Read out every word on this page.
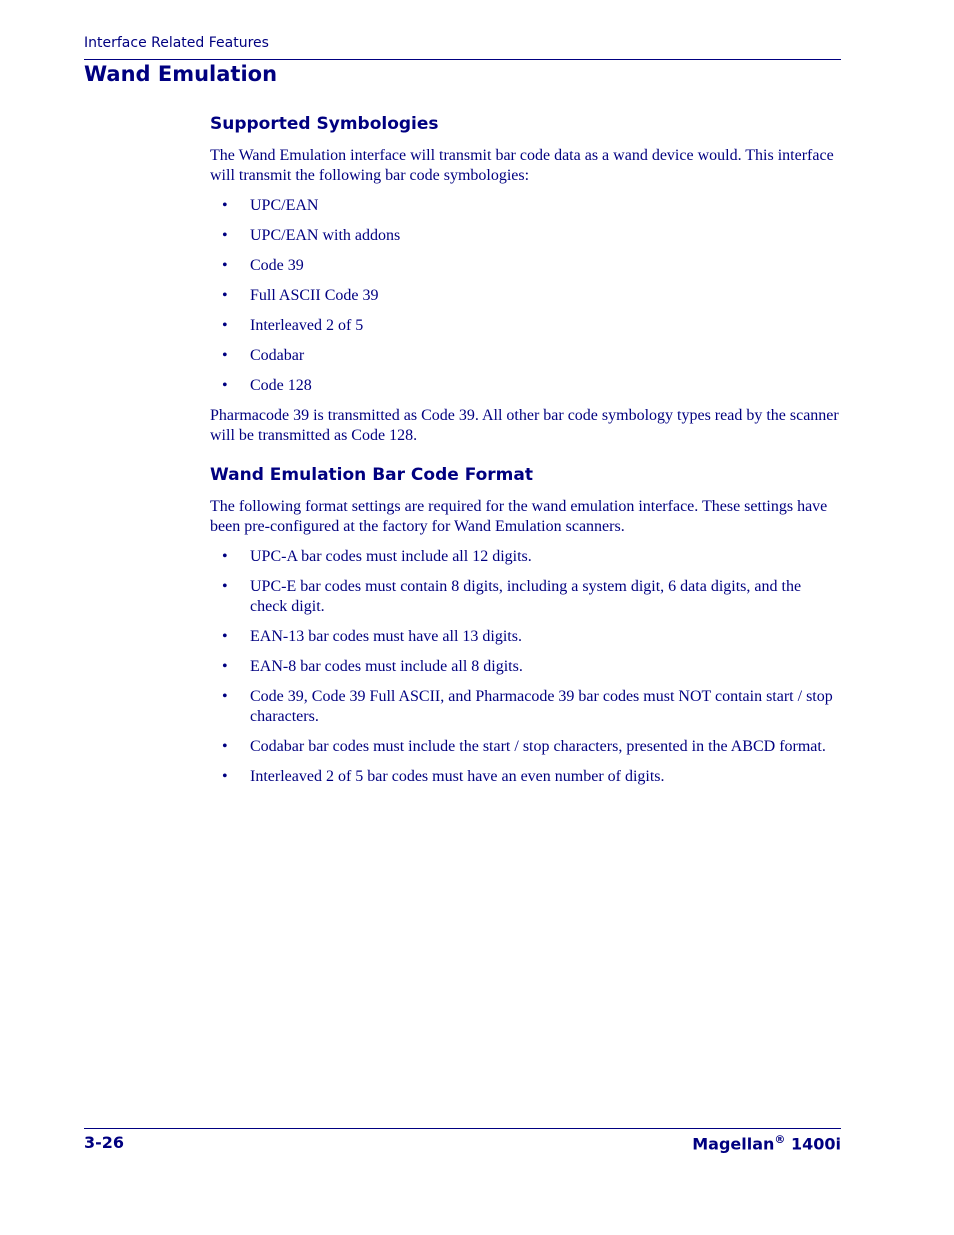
Interface Related Features
Wand Emulation
Supported Symbologies

The Wand Emulation interface will transmit bar code data as a wand device would. This interface will transmit the following bar code symbologies:

• UPC/EAN
• UPC/EAN with addons
• Code 39
• Full ASCII Code 39
• Interleaved 2 of 5
• Codabar
• Code 128

Pharmacode 39 is transmitted as Code 39. All other bar code symbology types read by the scanner will be transmitted as Code 128.

Wand Emulation Bar Code Format

The following format settings are required for the wand emulation interface. These settings have been pre-configured at the factory for Wand Emulation scanners.

• UPC-A bar codes must include all 12 digits.
• UPC-E bar codes must contain 8 digits, including a system digit, 6 data digits, and the check digit.
• EAN-13 bar codes must have all 13 digits.
• EAN-8 bar codes must include all 8 digits.
• Code 39, Code 39 Full ASCII, and Pharmacode 39 bar codes must NOT contain start / stop characters.
• Codabar bar codes must include the start / stop characters, presented in the ABCD format.
• Interleaved 2 of 5 bar codes must have an even number of digits.
3-26	Magellan® 1400i
